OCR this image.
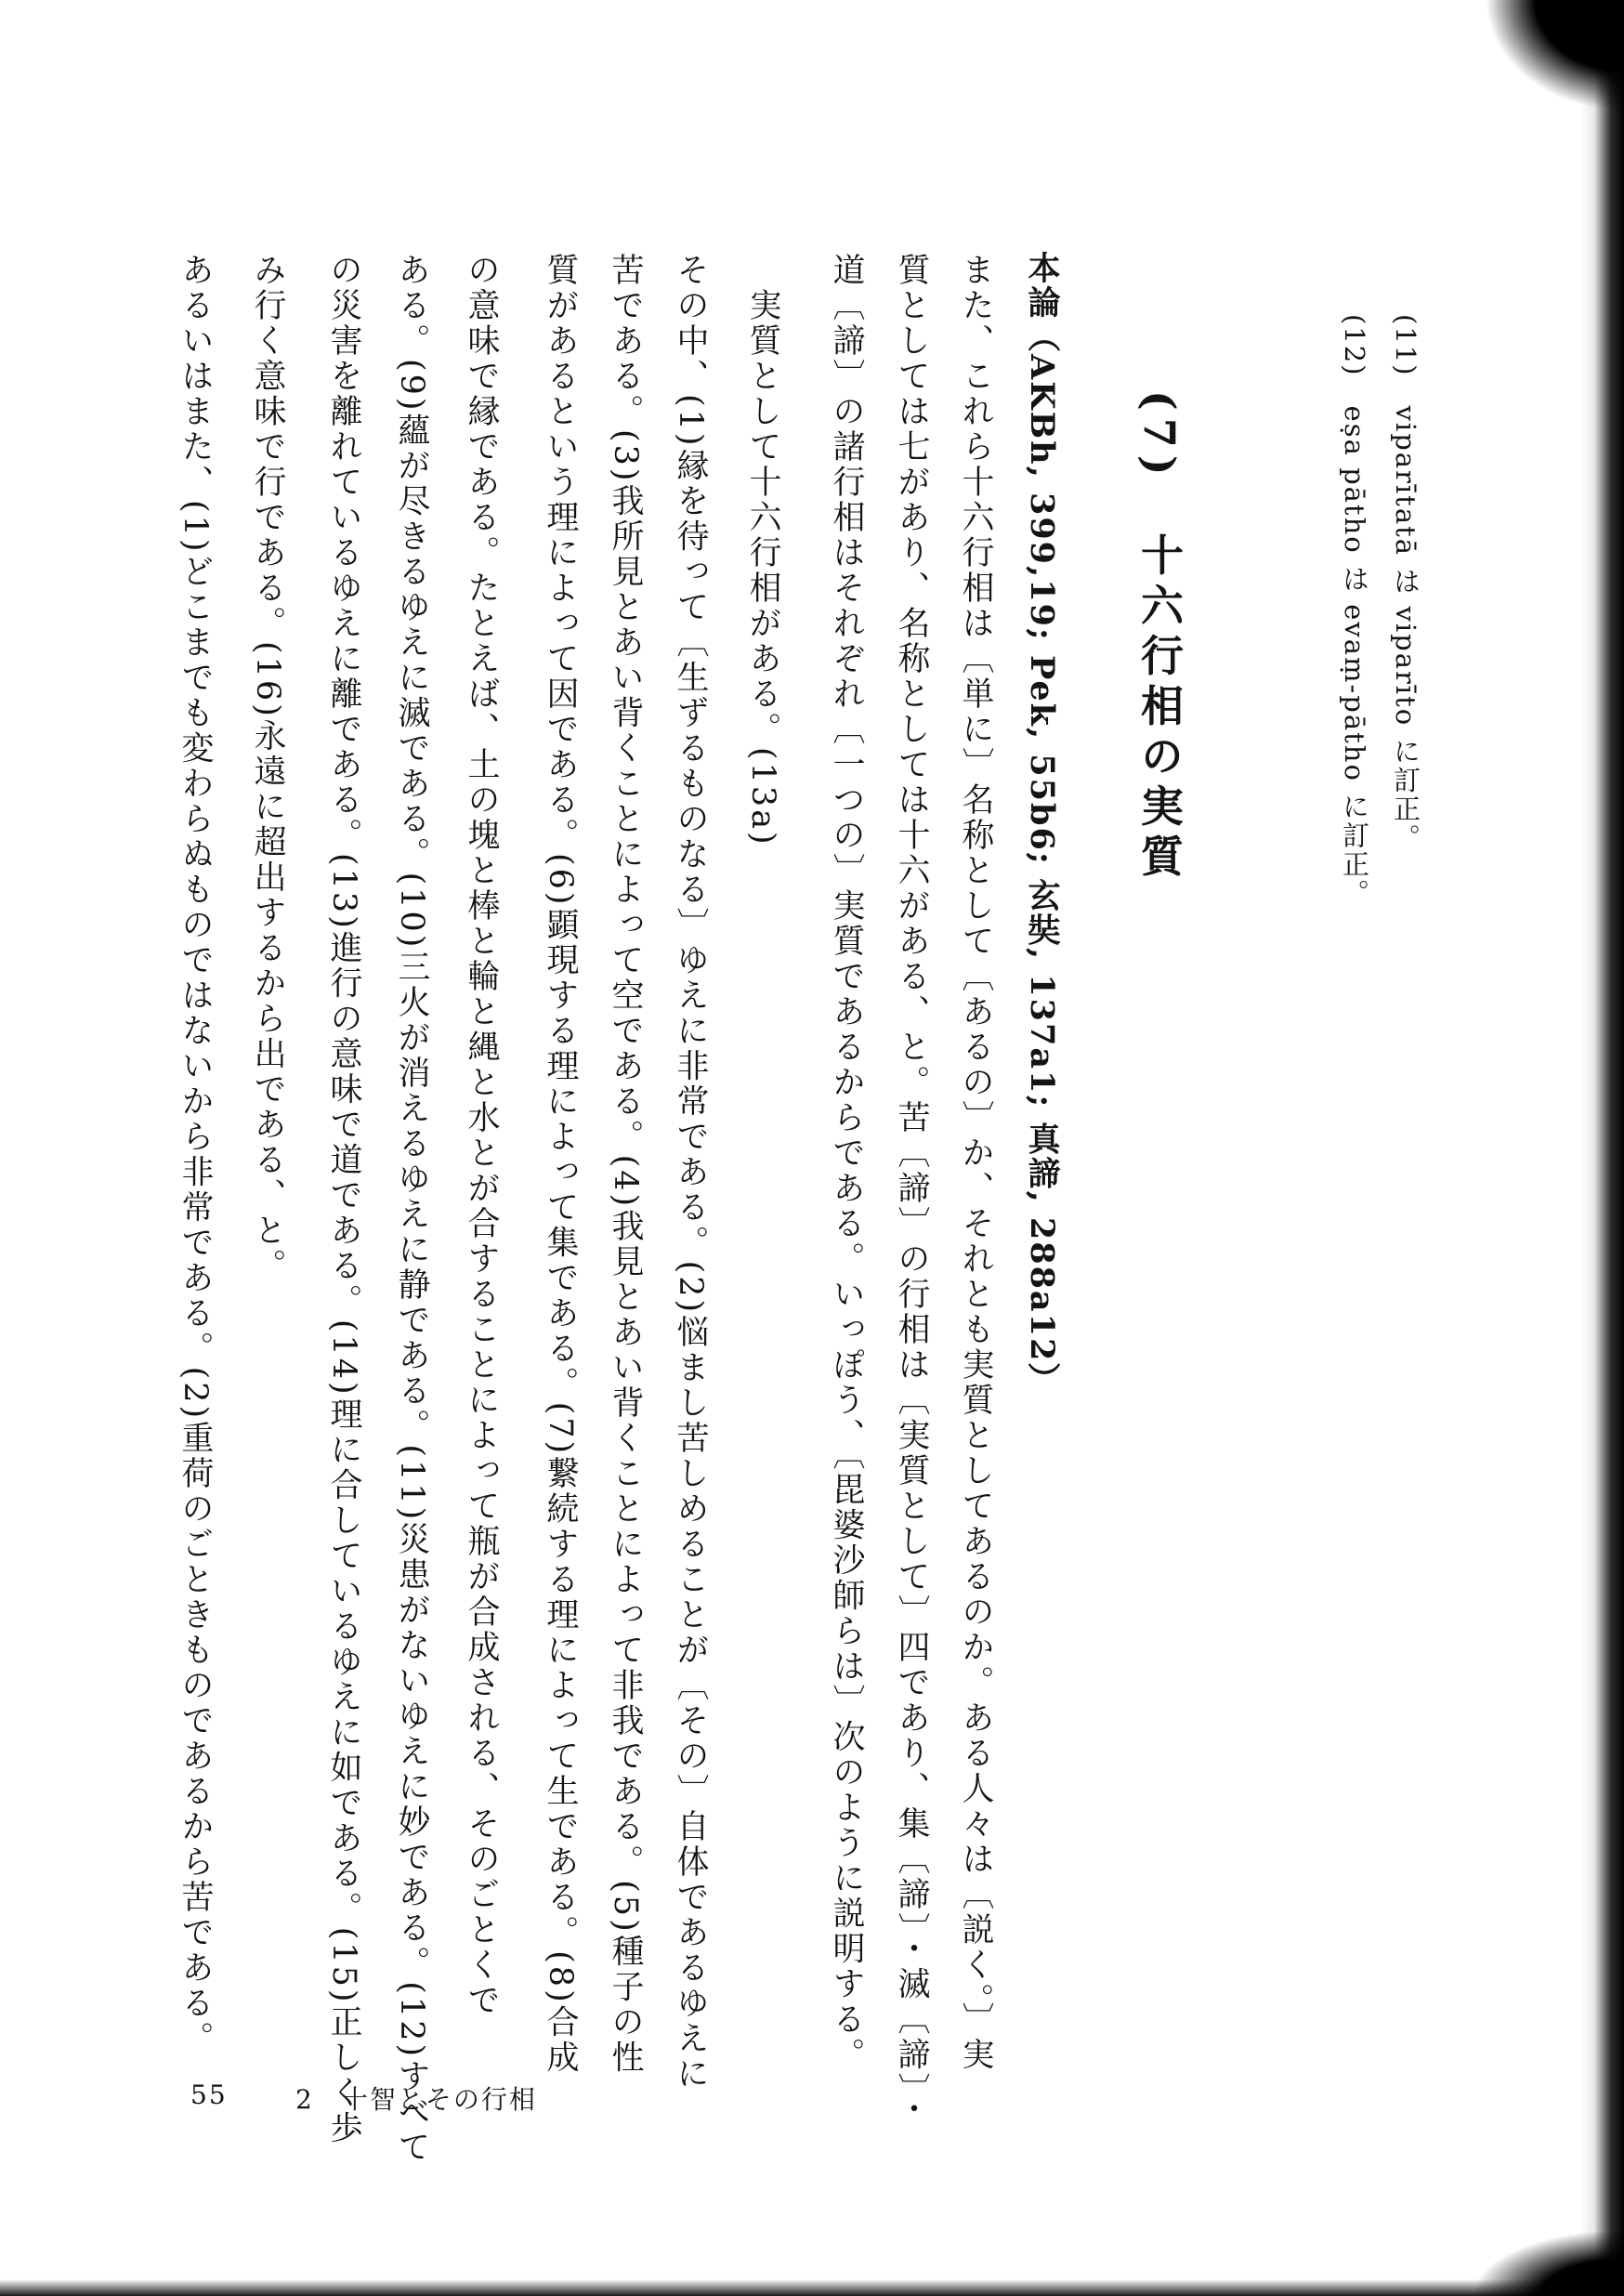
(11)　viparītatā は viparīto に訂正。
(12)　eṣa pātho は evaṃ-pātho に訂正。
(7)　十六行相の実質
本論（AKBh, 399,19; Pek, 55b6; 玄奘, 137a1; 真諦, 288a12）
また、これら十六行相は〔単に〕名称として〔あるの〕か、それとも実質としてあるのか。ある人々は〔説く。〕実
質としては七があり、名称としては十六がある、と。苦〔諦〕の行相は〔実質として〕四であり、集〔諦〕・滅〔諦〕・
道〔諦〕の諸行相はそれぞれ〔一つの〕実質であるからである。いっぽう、〔毘婆沙師らは〕次のように説明する。
　実質として十六行相がある。(13a)
その中、(1)縁を待って〔生ずるものなる〕ゆえに非常である。(2)悩まし苦しめることが〔その〕自体であるゆえに
苦である。(3)我所見とあい背くことによって空である。(4)我見とあい背くことによって非我である。(5)種子の性
質があるという理によって因である。(6)顕現する理によって集である。(7)繋続する理によって生である。(8)合成
の意味で縁である。たとえば、土の塊と棒と輪と縄と水とが合することによって瓶が合成される、そのごとくで
ある。(9)蘊が尽きるゆえに滅である。(10)三火が消えるゆえに静である。(11)災患がないゆえに妙である。(12)すべて
の災害を離れているゆえに離である。(13)進行の意味で道である。(14)理に合しているゆえに如である。(15)正しく歩
み行く意味で行である。(16)永遠に超出するから出である、と。
あるいはまた、(1)どこまでも変わらぬものではないから非常である。(2)重荷のごときものであるから苦である。
55	2　十智とその行相
